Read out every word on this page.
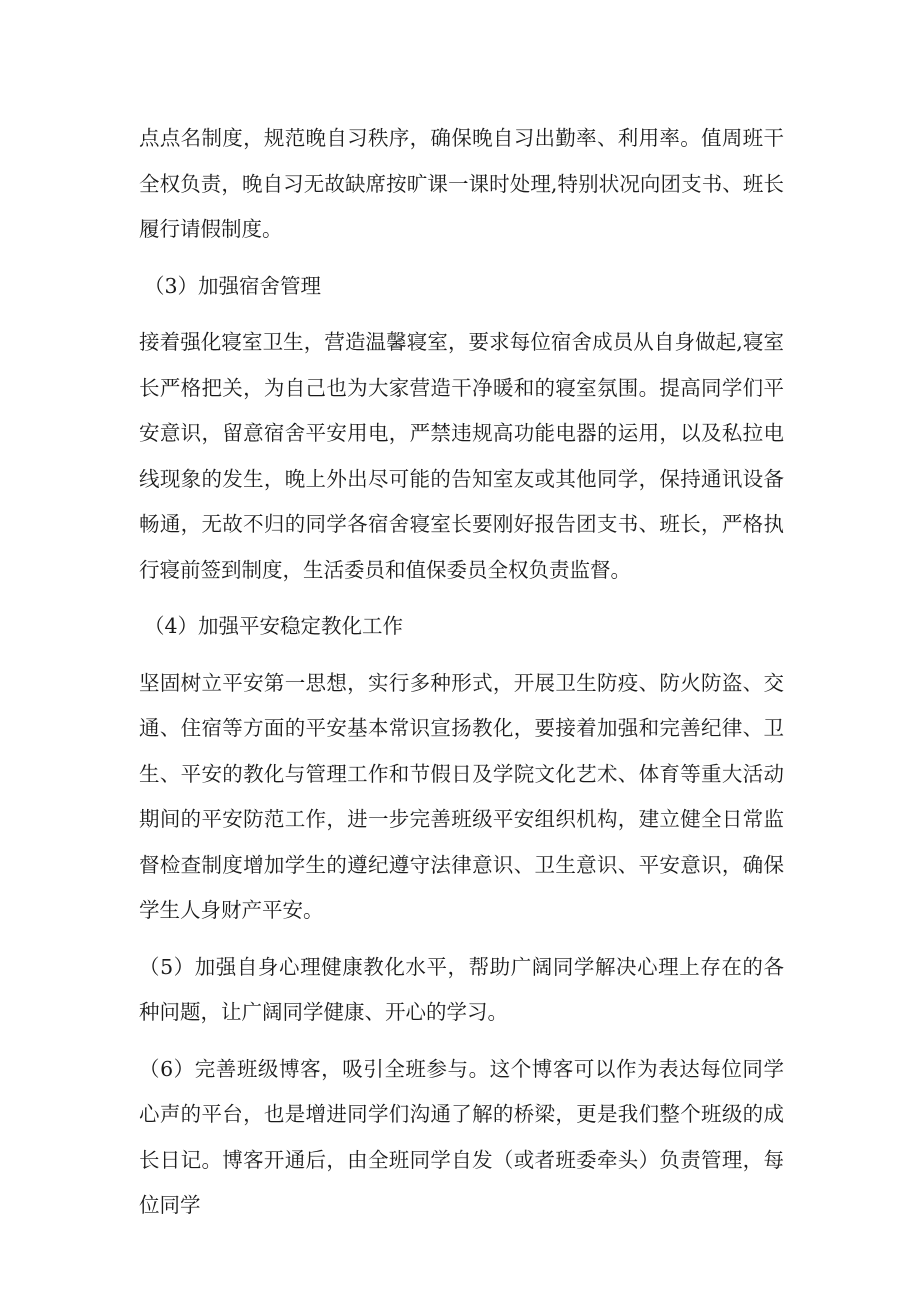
点点名制度，规范晚自习秩序，确保晚自习出勤率、利用率。值周班干全权负责，晚自习无故缺席按旷课一课时处理,特别状况向团支书、班长履行请假制度。

（3）加强宿舍管理

接着强化寝室卫生，营造温馨寝室，要求每位宿舍成员从自身做起,寝室长严格把关，为自己也为大家营造干净暖和的寝室氛围。提高同学们平安意识，留意宿舍平安用电，严禁违规高功能电器的运用，以及私拉电线现象的发生，晚上外出尽可能的告知室友或其他同学，保持通讯设备畅通，无故不归的同学各宿舍寝室长要刚好报告团支书、班长，严格执行寝前签到制度，生活委员和值保委员全权负责监督。

（4）加强平安稳定教化工作

坚固树立平安第一思想，实行多种形式，开展卫生防疫、防火防盗、交通、住宿等方面的平安基本常识宣扬教化，要接着加强和完善纪律、卫生、平安的教化与管理工作和节假日及学院文化艺术、体育等重大活动期间的平安防范工作，进一步完善班级平安组织机构，建立健全日常监督检查制度增加学生的遵纪遵守法律意识、卫生意识、平安意识，确保学生人身财产平安。

（5）加强自身心理健康教化水平，帮助广阔同学解决心理上存在的各种问题，让广阔同学健康、开心的学习。

（6）完善班级博客，吸引全班参与。这个博客可以作为表达每位同学心声的平台，也是增进同学们沟通了解的桥梁，更是我们整个班级的成长日记。博客开通后，由全班同学自发（或者班委牵头）负责管理，每位同学
